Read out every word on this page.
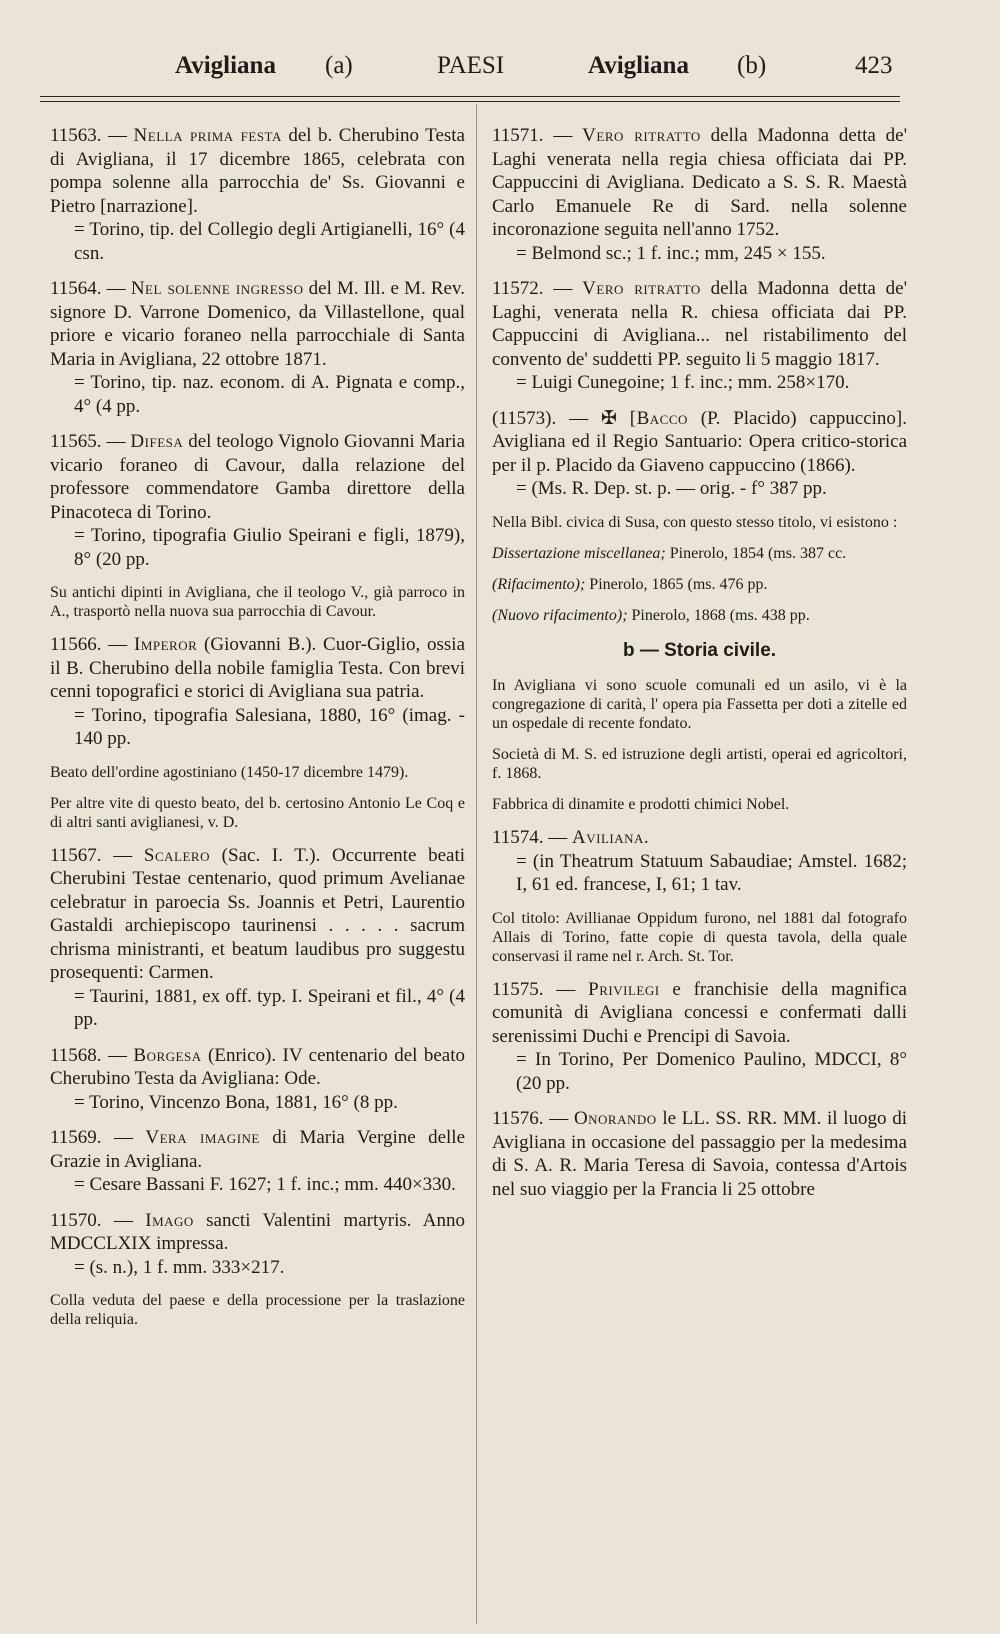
Avigliana (a)	PAESI	Avigliana (b)	423

11563. — Nella prima festa del b. Cherubino Testa di Avigliana, il 17 dicembre 1865, celebrata con pompa solenne alla parrocchia de' Ss. Giovanni e Pietro [narrazione].
= Torino, tip. del Collegio degli Artigianelli, 16° (4 csn.

11564. — Nel solenne ingresso del M. Ill. e M. Rev. signore D. Varrone Domenico, da Villastellone, qual priore e vicario foraneo nella parrocchiale di Santa Maria in Avigliana, 22 ottobre 1871.
= Torino, tip. naz. econom. di A. Pignata e comp., 4° (4 pp.

11565. — Difesa del teologo Vignolo Giovanni Maria vicario foraneo di Cavour, dalla relazione del professore commendatore Gamba direttore della Pinacoteca di Torino.
= Torino, tipografia Giulio Speirani e figli, 1879), 8° (20 pp.

Su antichi dipinti in Avigliana, che il teologo V., già parroco in A., trasportò nella nuova sua parrocchia di Cavour.

11566. — Imperor (Giovanni B.). Cuor-Giglio, ossia il B. Cherubino della nobile famiglia Testa. Con brevi cenni topografici e storici di Avigliana sua patria.
= Torino, tipografia Salesiana, 1880, 16° (imag. - 140 pp.

Beato dell'ordine agostiniano (1450-17 dicembre 1479).

Per altre vite di questo beato, del b. certosino Antonio Le Coq e di altri santi aviglianesi, v. D.

11567. — Scalero (Sac. I. T.). Occurrente beati Cherubini Testae centenario, quod primum Avelianae celebratur in paroecia Ss. Joannis et Petri, Laurentio Gastaldi archiepiscopo taurinensi . . . . . sacrum chrisma ministranti, et beatum laudibus pro suggestu prosequenti: Carmen.
= Taurini, 1881, ex off. typ. I. Speirani et fil., 4° (4 pp.

11568. — Borgesa (Enrico). IV centenario del beato Cherubino Testa da Avigliana: Ode.
= Torino, Vincenzo Bona, 1881, 16° (8 pp.

11569. — Vera imagine di Maria Vergine delle Grazie in Avigliana.
= Cesare Bassani F. 1627; 1 f. inc.; mm. 440×330.

11570. — Imago sancti Valentini martyris. Anno MDCCLXIX impressa.
= (s. n.), 1 f. mm. 333×217.

Colla veduta del paese e della processione per la traslazione della reliquia.

11571. — Vero ritratto della Madonna detta de' Laghi venerata nella regia chiesa officiata dai PP. Cappuccini di Avigliana. Dedicato a S. S. R. Maestà Carlo Emanuele Re di Sard. nella solenne incoronazione seguita nell'anno 1752.
= Belmond sc.; 1 f. inc.; mm, 245 × 155.

11572. — Vero ritratto della Madonna detta de' Laghi, venerata nella R. chiesa officiata dai PP. Cappuccini di Avigliana... nel ristabilimento del convento de' suddetti PP. seguito li 5 maggio 1817.
= Luigi Cunegoine; 1 f. inc.; mm. 258×170.

(11573). — ✠ [Bacco (P. Placido) cappuccino]. Avigliana ed il Regio Santuario: Opera critico-storica per il p. Placido da Giaveno cappuccino (1866).
= (Ms. R. Dep. st. p. — orig. - f° 387 pp.

Nella Bibl. civica di Susa, con questo stesso titolo, vi esistono :

Dissertazione miscellanea; Pinerolo, 1854 (ms. 387 cc.

(Rifacimento); Pinerolo, 1865 (ms. 476 pp.

(Nuovo rifacimento); Pinerolo, 1868 (ms. 438 pp.

b — Storia civile.

In Avigliana vi sono scuole comunali ed un asilo, vi è la congregazione di carità, l' opera pia Fassetta per doti a zitelle ed un ospedale di recente fondato.

Società di M. S. ed istruzione degli artisti, operai ed agricoltori, f. 1868.

Fabbrica di dinamite e prodotti chimici Nobel.

11574. — Aviliana.
= (in Theatrum Statuum Sabaudiae; Amstel. 1682; I, 61 ed. francese, I, 61; 1 tav.

Col titolo: Avillianae Oppidum furono, nel 1881 dal fotografo Allais di Torino, fatte copie di questa tavola, della quale conservasi il rame nel r. Arch. St. Tor.

11575. — Privilegi e franchisie della magnifica comunità di Avigliana concessi e confermati dalli serenissimi Duchi e Prencipi di Savoia.
= In Torino, Per Domenico Paulino, MDCCI, 8° (20 pp.

11576. — Onorando le LL. SS. RR. MM. il luogo di Avigliana in occasione del passaggio per la medesima di S. A. R. Maria Teresa di Savoia, contessa d'Artois nel suo viaggio per la Francia li 25 ottobre
